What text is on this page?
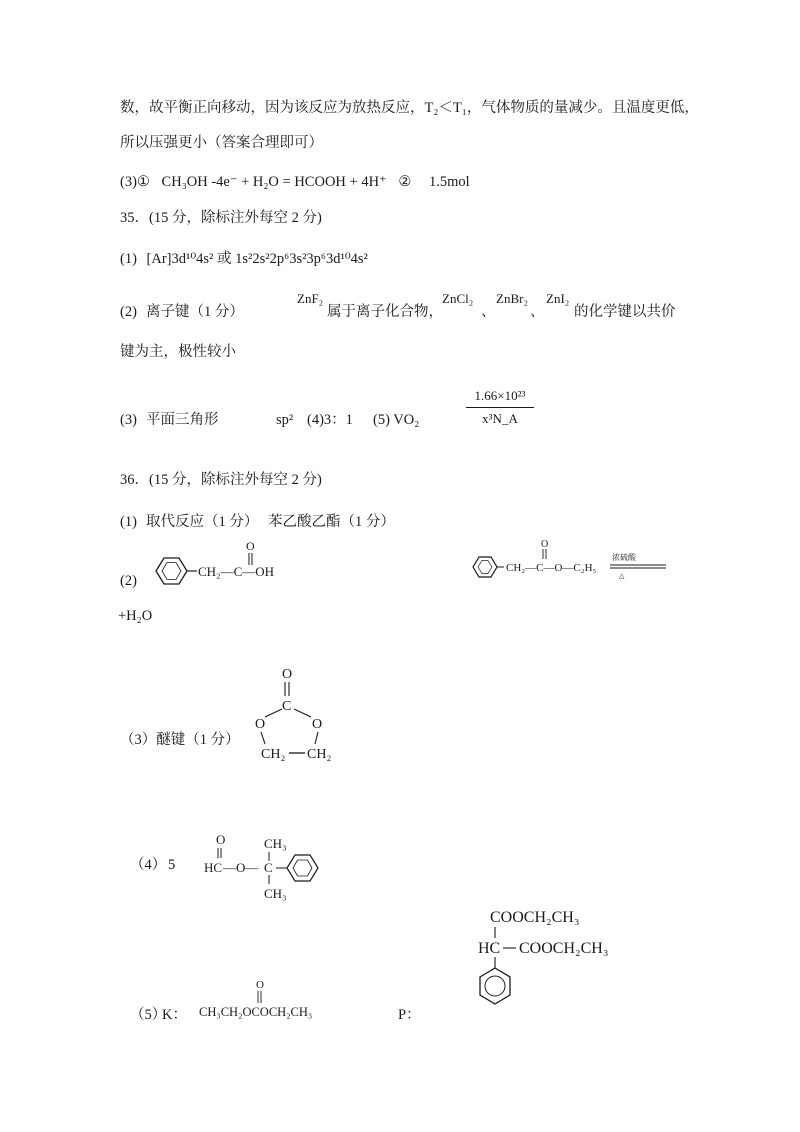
数，故平衡正向移动，因为该反应为放热反应，T₂＜T₁，气体物质的量减少。且温度更低，
所以压强更小（答案合理即可）
(3)① CH₃OH -4e⁻ + H₂O = HCOOH + 4H⁺ ② 1.5mol
35．(15 分，除标注外每空 2 分)
(1) [Ar]3d¹⁰4s² 或 1s²2s²2p⁶3s²3p⁶3d¹⁰4s²
(2) 离子键（1 分）
ZnF₂
属于离子化合物，
ZnCl₂
、
ZnBr₂
、
ZnI₂
的化学键以共价
键为主，极性较小
(3) 平面三角形	sp² (4)3：1 (5) VO₂	$\frac{\text{1.66×10²³}}{\text{x³N\_A}}$
36．(15 分，除标注外每空 2 分)
(1) 取代反应（1 分） 苯乙酸乙酯（1 分）
(2)
CH₂—C—OH
O
CH₂—C—O—C₂H₅
O
浓硫酸
△
+H₂O
（3）醚键（1 分）
O
C
O	O
CH₂ CH₂
（4） 5
O
HC —O—
CH₃
C
CH₃
（5）
K：
O
CH₃CH₂OCOCH₂CH₃	P：
COOCH₂CH₃
HC COOCH₂CH₃
